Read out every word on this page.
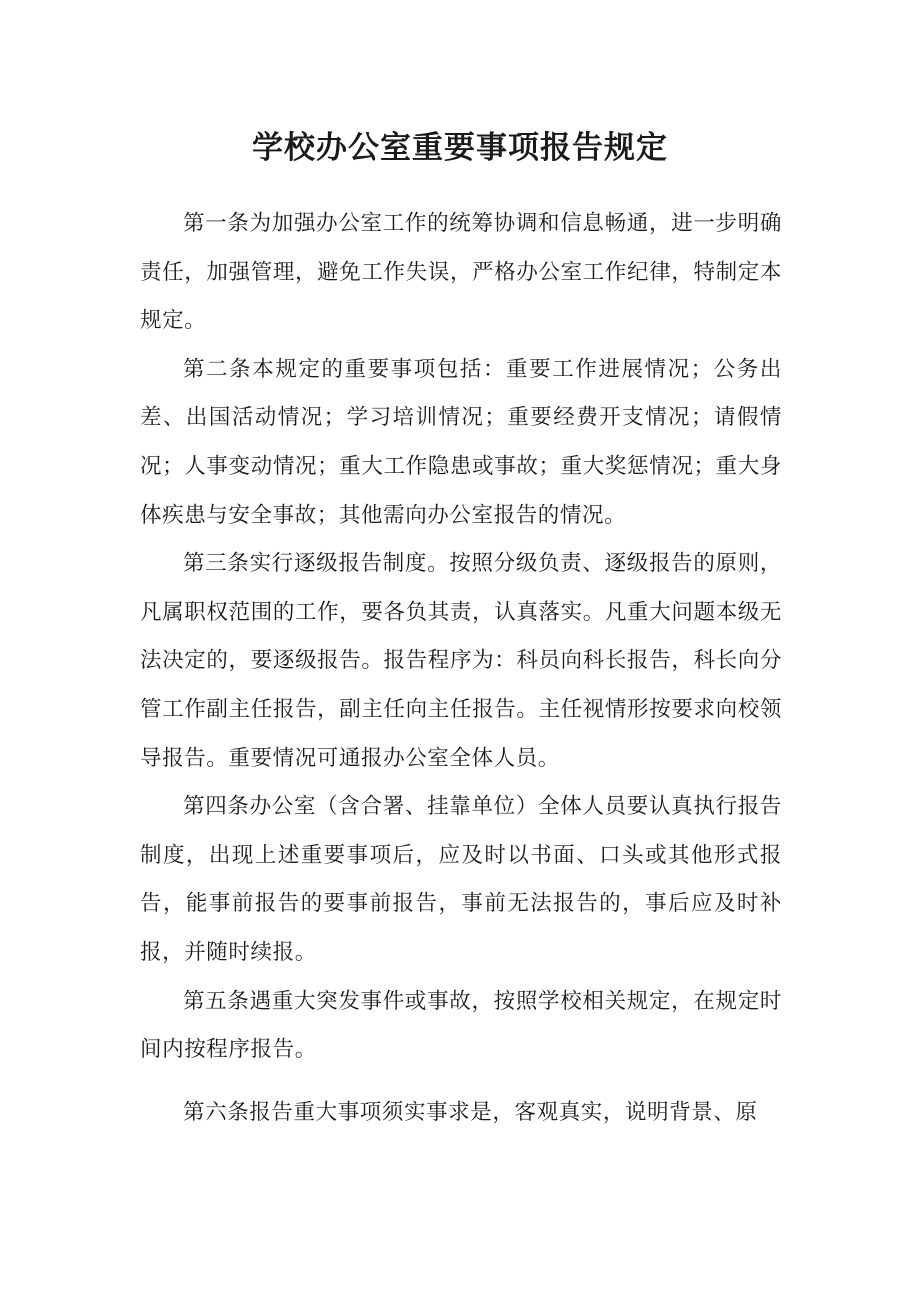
学校办公室重要事项报告规定

第一条为加强办公室工作的统筹协调和信息畅通，进一步明确责任，加强管理，避免工作失误，严格办公室工作纪律，特制定本规定。

第二条本规定的重要事项包括：重要工作进展情况；公务出差、出国活动情况；学习培训情况；重要经费开支情况；请假情况；人事变动情况；重大工作隐患或事故；重大奖惩情况；重大身体疾患与安全事故；其他需向办公室报告的情况。

第三条实行逐级报告制度。按照分级负责、逐级报告的原则，凡属职权范围的工作，要各负其责，认真落实。凡重大问题本级无法决定的，要逐级报告。报告程序为：科员向科长报告，科长向分管工作副主任报告，副主任向主任报告。主任视情形按要求向校领导报告。重要情况可通报办公室全体人员。

第四条办公室（含合署、挂靠单位）全体人员要认真执行报告制度，出现上述重要事项后，应及时以书面、口头或其他形式报告，能事前报告的要事前报告，事前无法报告的，事后应及时补报，并随时续报。

第五条遇重大突发事件或事故，按照学校相关规定，在规定时间内按程序报告。

第六条报告重大事项须实事求是，客观真实，说明背景、原
